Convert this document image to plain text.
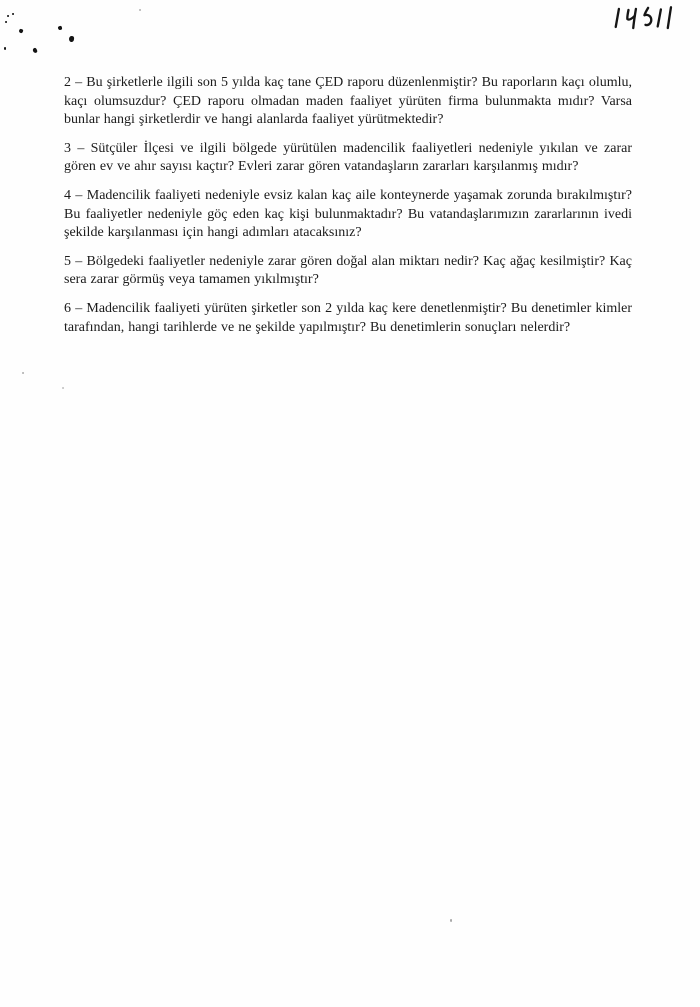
2 – Bu şirketlerle ilgili son 5 yılda kaç tane ÇED raporu düzenlenmiştir? Bu raporların kaçı olumlu, kaçı olumsuzdur? ÇED raporu olmadan maden faaliyet yürüten firma bulunmakta mıdır? Varsa bunlar hangi şirketlerdir ve hangi alanlarda faaliyet yürütmektedir?

3 – Sütçüler İlçesi ve ilgili bölgede yürütülen madencilik faaliyetleri nedeniyle yıkılan ve zarar gören ev ve ahır sayısı kaçtır? Evleri zarar gören vatandaşların zararları karşılanmış mıdır?

4 – Madencilik faaliyeti nedeniyle evsiz kalan kaç aile konteynerde yaşamak zorunda bırakılmıştır? Bu faaliyetler nedeniyle göç eden kaç kişi bulunmaktadır? Bu vatandaşlarımızın zararlarının ivedi şekilde karşılanması için hangi adımları atacaksınız?

5 – Bölgedeki faaliyetler nedeniyle zarar gören doğal alan miktarı nedir? Kaç ağaç kesilmiştir? Kaç sera zarar görmüş veya tamamen yıkılmıştır?

6 – Madencilik faaliyeti yürüten şirketler son 2 yılda kaç kere denetlenmiştir? Bu denetimler kimler tarafından, hangi tarihlerde ve ne şekilde yapılmıştır? Bu denetimlerin sonuçları nelerdir?
